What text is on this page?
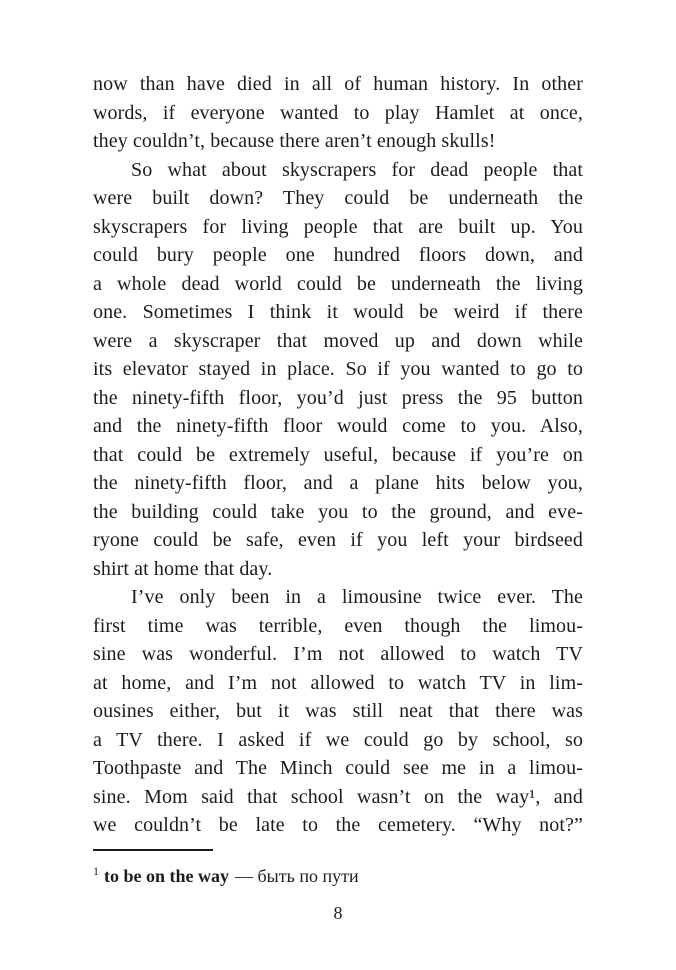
now than have died in all of human history. In other
words, if everyone wanted to play Hamlet at once,
they couldn’t, because there aren’t enough skulls!
So what about skyscrapers for dead people that
were built down? They could be underneath the
skyscrapers for living people that are built up. You
could bury people one hundred floors down, and
a whole dead world could be underneath the living
one. Sometimes I think it would be weird if there
were a skyscraper that moved up and down while
its elevator stayed in place. So if you wanted to go to
the ninety-fifth floor, you’d just press the 95 button
and the ninety-fifth floor would come to you. Also,
that could be extremely useful, because if you’re on
the ninety-fifth floor, and a plane hits below you,
the building could take you to the ground, and eve-
ryone could be safe, even if you left your birdseed
shirt at home that day.
I’ve only been in a limousine twice ever. The
first time was terrible, even though the limou-
sine was wonderful. I’m not allowed to watch TV
at home, and I’m not allowed to watch TV in lim-
ousines either, but it was still neat that there was
a TV there. I asked if we could go by school, so
Toothpaste and The Minch could see me in a limou-
sine. Mom said that school wasn’t on the way¹, and
we couldn’t be late to the cemetery. “Why not?”
$^1$ to be on the way — быть по пути
8
